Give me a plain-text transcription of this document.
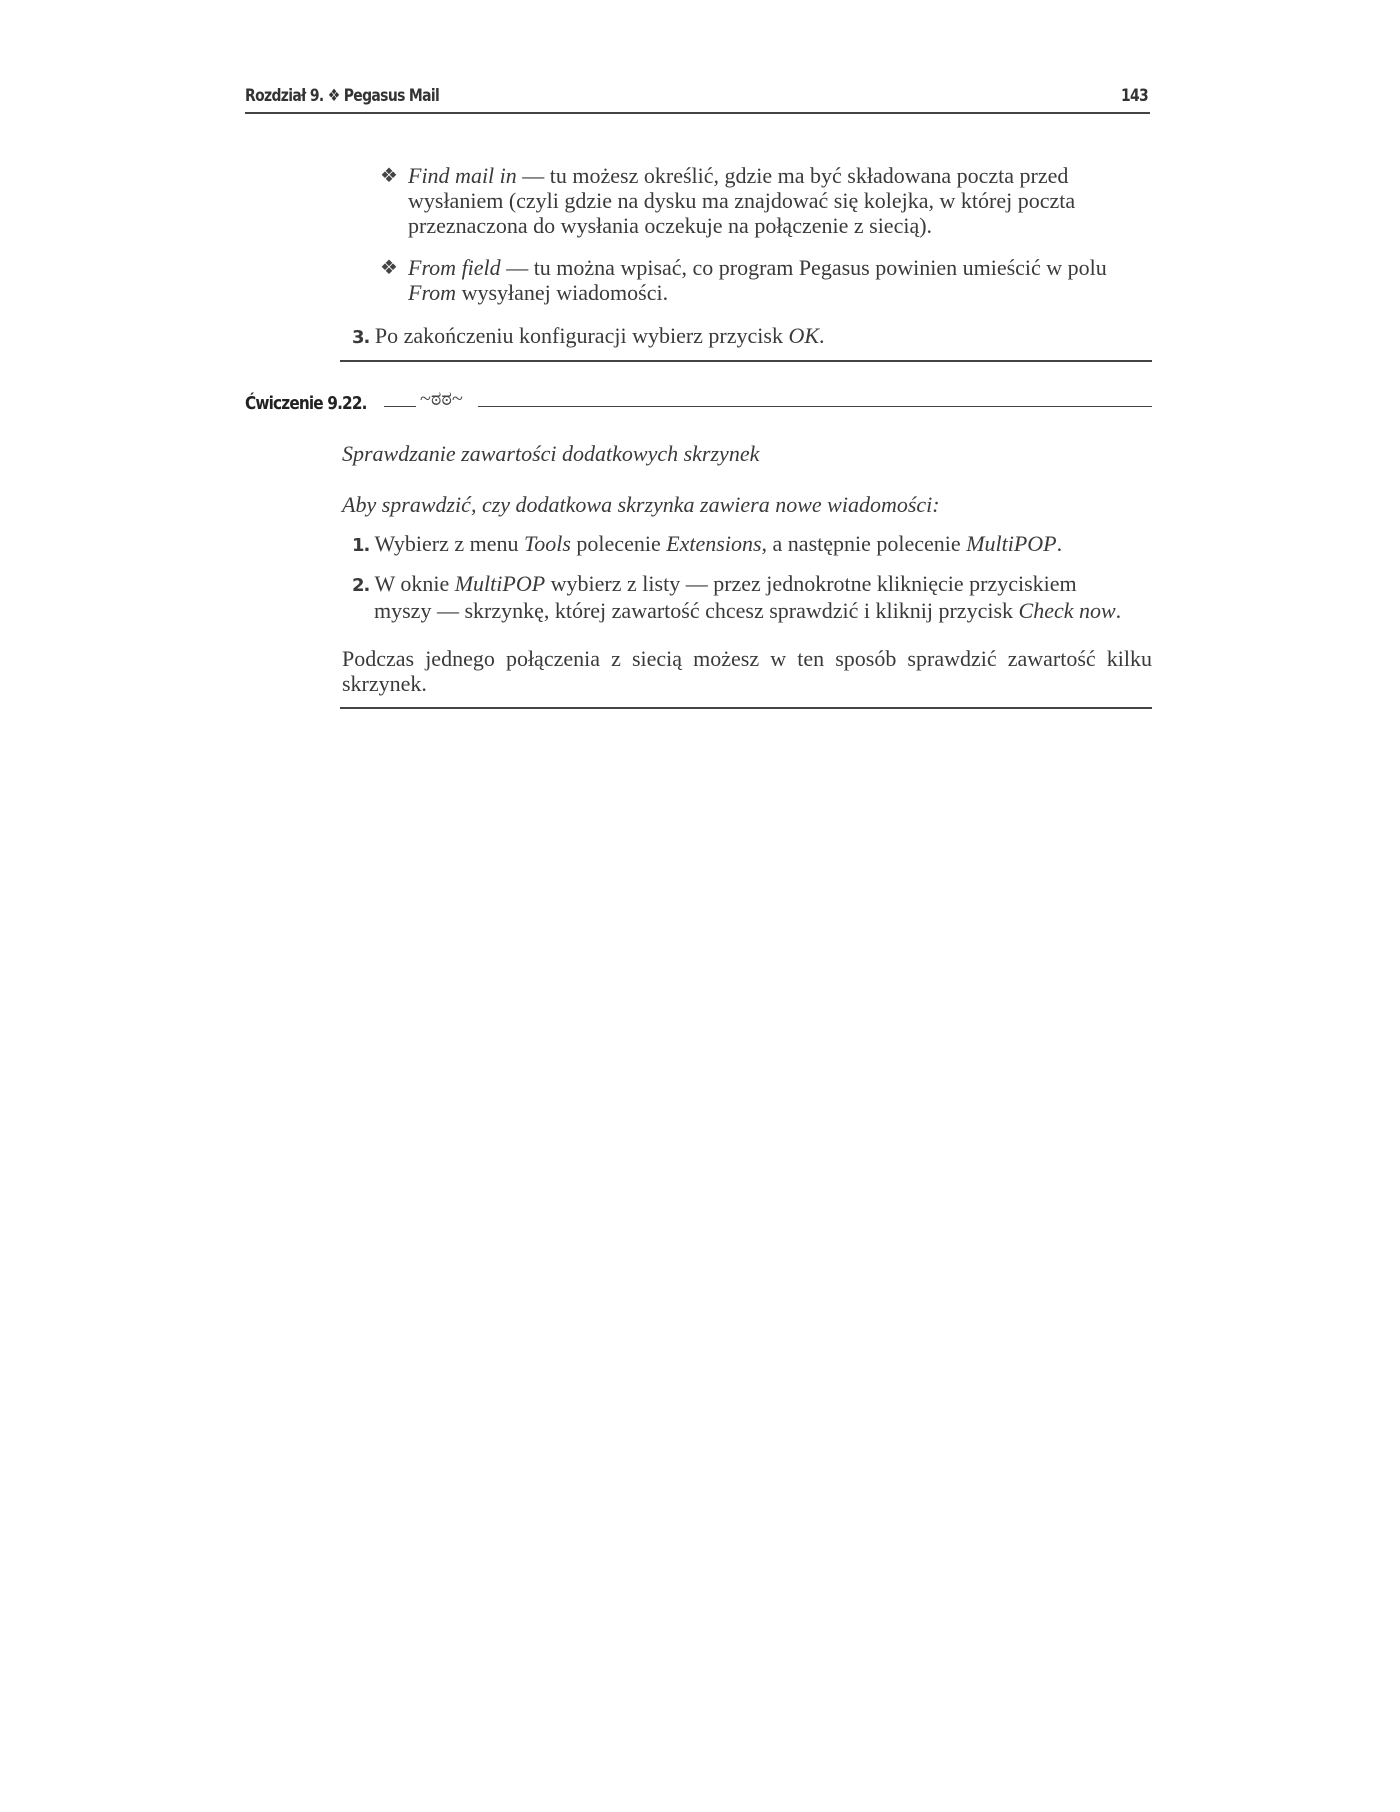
Rozdział 9. ❖ Pegasus Mail	143
❖ Find mail in — tu możesz określić, gdzie ma być składowana poczta przed
wysłaniem (czyli gdzie na dysku ma znajdować się kolejka, w której poczta
przeznaczona do wysłania oczekuje na połączenie z siecią).
❖ From field — tu można wpisać, co program Pegasus powinien umieścić w polu
From wysyłanej wiadomości.
3. Po zakończeniu konfiguracji wybierz przycisk OK.
Ćwiczenie 9.22.	~ಠಠ~
Sprawdzanie zawartości dodatkowych skrzynek
Aby sprawdzić, czy dodatkowa skrzynka zawiera nowe wiadomości:
1. Wybierz z menu Tools polecenie Extensions, a następnie polecenie MultiPOP.
2. W oknie MultiPOP wybierz z listy — przez jednokrotne kliknięcie przyciskiem
myszy — skrzynkę, której zawartość chcesz sprawdzić i kliknij przycisk Check now.
Podczas jednego połączenia z siecią możesz w ten sposób sprawdzić zawartość kilku
skrzynek.
